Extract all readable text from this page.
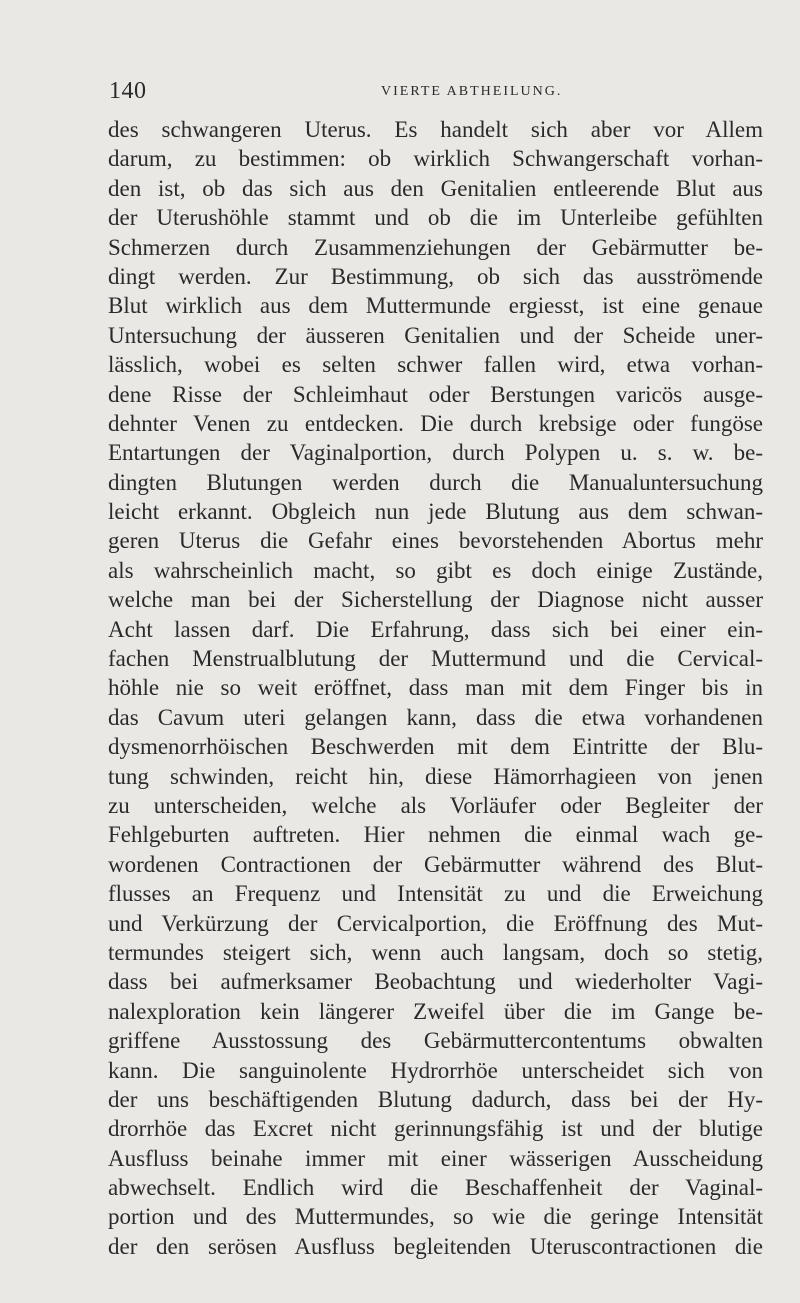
140	VIERTE ABTHEILUNG.
des schwangeren Uterus. Es handelt sich aber vor Allem
darum, zu bestimmen: ob wirklich Schwangerschaft vorhan-
den ist, ob das sich aus den Genitalien entleerende Blut aus
der Uterushöhle stammt und ob die im Unterleibe gefühlten
Schmerzen durch Zusammenziehungen der Gebärmutter be-
dingt werden. Zur Bestimmung, ob sich das ausströmende
Blut wirklich aus dem Muttermunde ergiesst, ist eine genaue
Untersuchung der äusseren Genitalien und der Scheide uner-
lässlich, wobei es selten schwer fallen wird, etwa vorhan-
dene Risse der Schleimhaut oder Berstungen varicös ausge-
dehnter Venen zu entdecken. Die durch krebsige oder fungöse
Entartungen der Vaginalportion, durch Polypen u. s. w. be-
dingten Blutungen werden durch die Manualuntersuchung
leicht erkannt. Obgleich nun jede Blutung aus dem schwan-
geren Uterus die Gefahr eines bevorstehenden Abortus mehr
als wahrscheinlich macht, so gibt es doch einige Zustände,
welche man bei der Sicherstellung der Diagnose nicht ausser
Acht lassen darf. Die Erfahrung, dass sich bei einer ein-
fachen Menstrualblutung der Muttermund und die Cervical-
höhle nie so weit eröffnet, dass man mit dem Finger bis in
das Cavum uteri gelangen kann, dass die etwa vorhandenen
dysmenorrhöischen Beschwerden mit dem Eintritte der Blu-
tung schwinden, reicht hin, diese Hämorrhagieen von jenen
zu unterscheiden, welche als Vorläufer oder Begleiter der
Fehlgeburten auftreten. Hier nehmen die einmal wach ge-
wordenen Contractionen der Gebärmutter während des Blut-
flusses an Frequenz und Intensität zu und die Erweichung
und Verkürzung der Cervicalportion, die Eröffnung des Mut-
termundes steigert sich, wenn auch langsam, doch so stetig,
dass bei aufmerksamer Beobachtung und wiederholter Vagi-
nalexploration kein längerer Zweifel über die im Gange be-
griffene Ausstossung des Gebärmuttercontentums obwalten
kann. Die sanguinolente Hydrorrhöe unterscheidet sich von
der uns beschäftigenden Blutung dadurch, dass bei der Hy-
drorrhöe das Excret nicht gerinnungsfähig ist und der blutige
Ausfluss beinahe immer mit einer wässerigen Ausscheidung
abwechselt. Endlich wird die Beschaffenheit der Vaginal-
portion und des Muttermundes, so wie die geringe Intensität
der den serösen Ausfluss begleitenden Uteruscontractionen die
